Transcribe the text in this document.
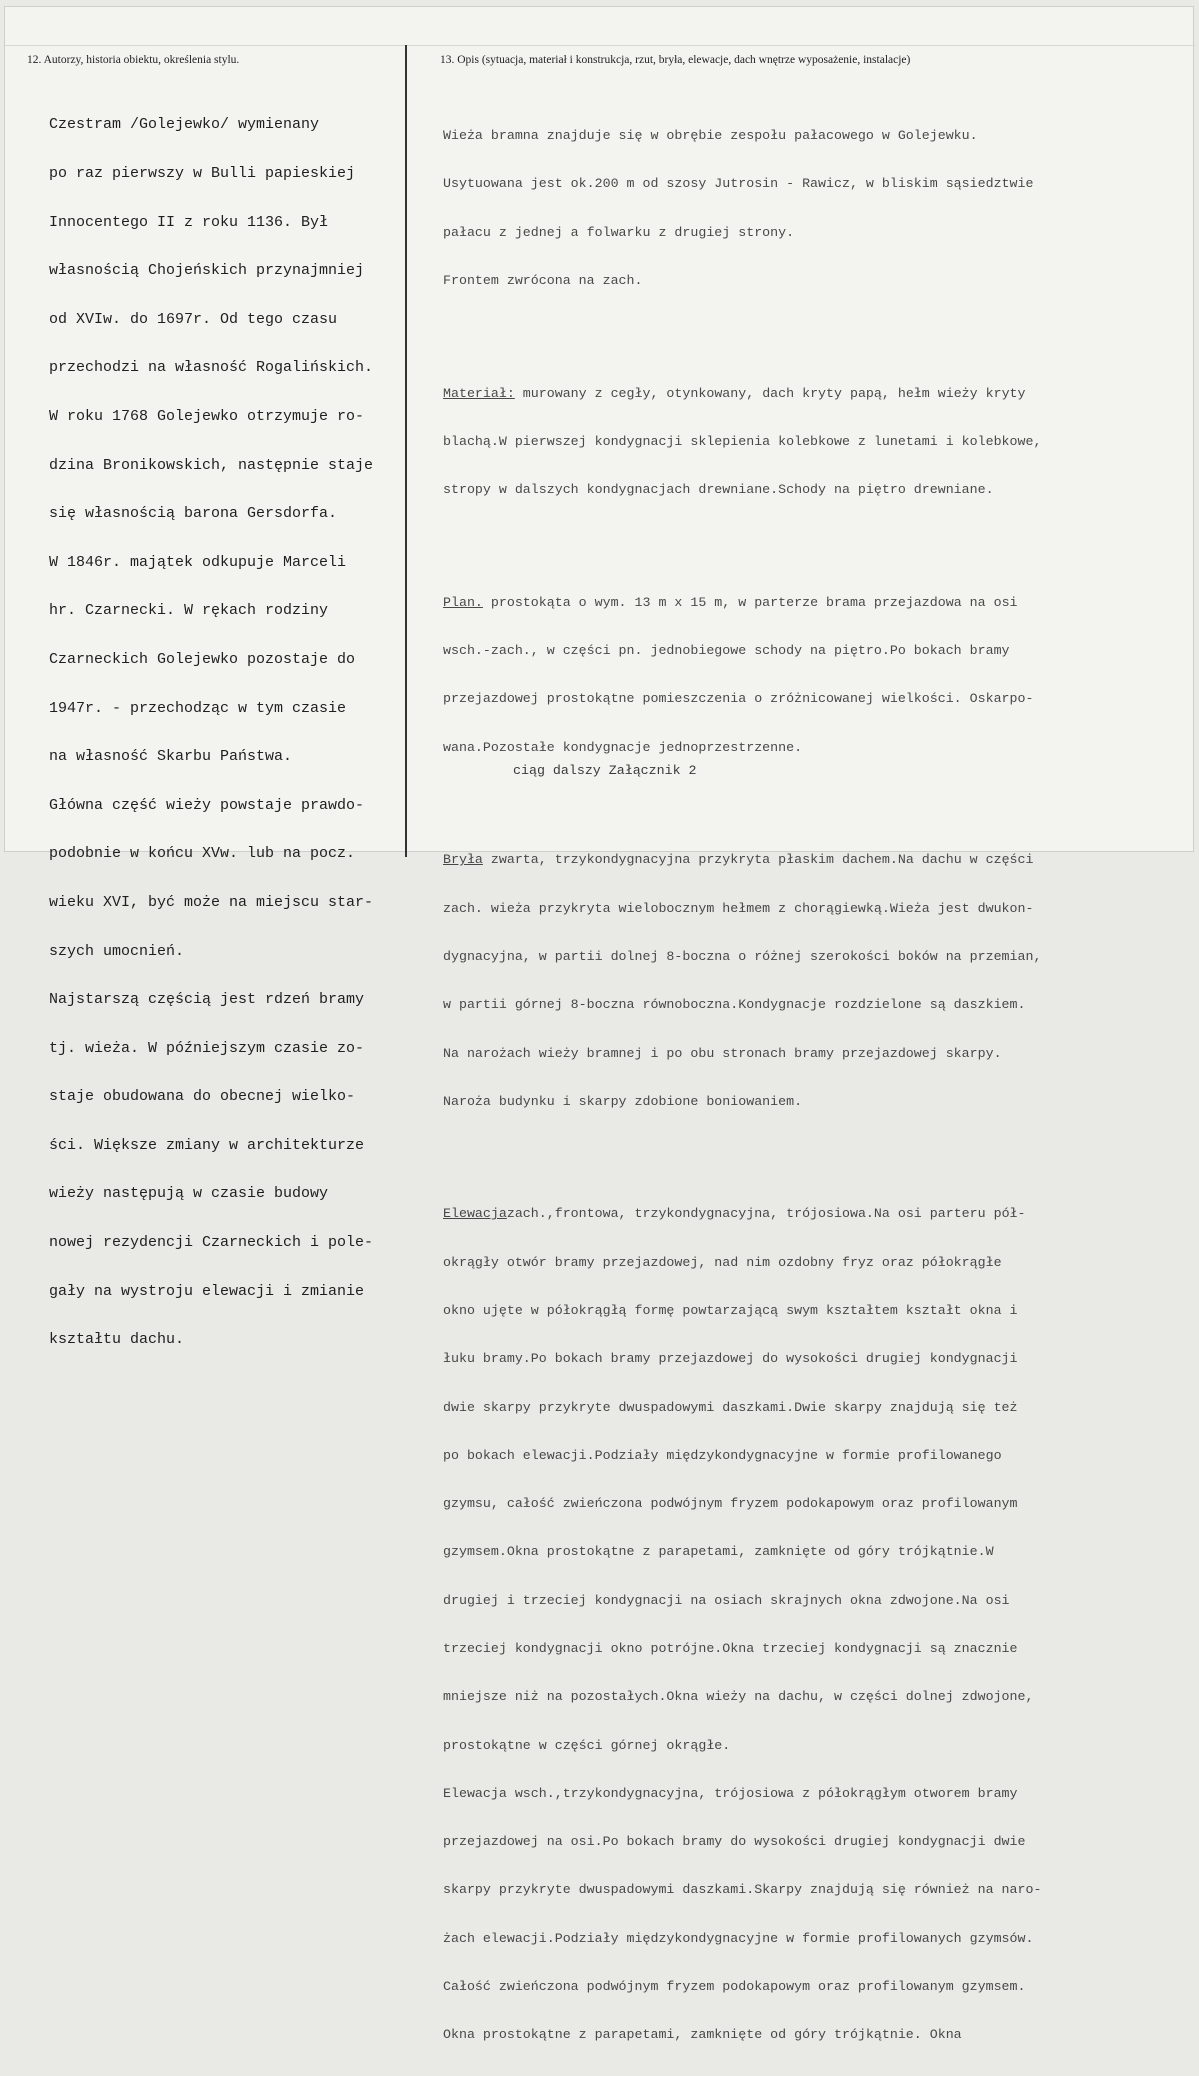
12. Autorzy, historia obiektu, określenia stylu.	13. Opis (sytuacja, materiał i konstrukcja, rzut, bryła, elewacje, dach wnętrze wyposażenie, instalacje)

Czestram /Golejewko/ wymienany

po raz pierwszy w Bulli papieskiej

Innocentego II z roku 1136. Był

własnością Chojeńskich przynajmniej

od XVIw. do 1697r. Od tego czasu

przechodzi na własność Rogalińskich.

W roku 1768 Golejewko otrzymuje ro-

dzina Bronikowskich, następnie staje

się własnością barona Gersdorfa.

W 1846r. majątek odkupuje Marceli

hr. Czarnecki. W rękach rodziny

Czarneckich Golejewko pozostaje do

1947r. - przechodząc w tym czasie

na własność Skarbu Państwa.

Główna część wieży powstaje prawdo-

podobnie w końcu XVw. lub na pocz.

wieku XVI, być może na miejscu star-

szych umocnień.

Najstarszą częścią jest rdzeń bramy

tj. wieża. W późniejszym czasie zo-

staje obudowana do obecnej wielko-

ści. Większe zmiany w architekturze

wieży następują w czasie budowy

nowej rezydencji Czarneckich i pole-

gały na wystroju elewacji i zmianie

kształtu dachu.

Wieża bramna znajduje się w obrębie zespołu pałacowego w Golejewku.

Usytuowana jest ok.200 m od szosy Jutrosin - Rawicz, w bliskim sąsiedztwie

pałacu z jednej a folwarku z drugiej strony.

Frontem zwrócona na zach.

Materiał: murowany z cegły, otynkowany, dach kryty papą, hełm wieży kryty

blachą.W pierwszej kondygnacji sklepienia kolebkowe z lunetami i kolebkowe,

stropy w dalszych kondygnacjach drewniane.Schody na piętro drewniane.

Plan. prostokąta o wym. 13 m x 15 m, w parterze brama przejazdowa na osi

wsch.-zach., w części pn. jednobiegowe schody na piętro.Po bokach bramy

przejazdowej prostokątne pomieszczenia o zróżnicowanej wielkości. Oskarpo-

wana.Pozostałe kondygnacje jednoprzestrzenne.

Bryła zwarta, trzykondygnacyjna przykryta płaskim dachem.Na dachu w części

zach. wieża przykryta wielobocznym hełmem z chorągiewką.Wieża jest dwukon-

dygnacyjna, w partii dolnej 8-boczna o różnej szerokości boków na przemian,

w partii górnej 8-boczna równoboczna.Kondygnacje rozdzielone są daszkiem.

Na narożach wieży bramnej i po obu stronach bramy przejazdowej skarpy.

Naroża budynku i skarpy zdobione boniowaniem.

Elewacjazach.,frontowa, trzykondygnacyjna, trójosiowa.Na osi parteru pół-

okrągły otwór bramy przejazdowej, nad nim ozdobny fryz oraz półokrągłe

okno ujęte w półokrągłą formę powtarzającą swym kształtem kształt okna i

łuku bramy.Po bokach bramy przejazdowej do wysokości drugiej kondygnacji

dwie skarpy przykryte dwuspadowymi daszkami.Dwie skarpy znajdują się też

po bokach elewacji.Podziały międzykondygnacyjne w formie profilowanego

gzymsu, całość zwieńczona podwójnym fryzem podokapowym oraz profilowanym

gzymsem.Okna prostokątne z parapetami, zamknięte od góry trójkątnie.W

drugiej i trzeciej kondygnacji na osiach skrajnych okna zdwojone.Na osi

trzeciej kondygnacji okno potrójne.Okna trzeciej kondygnacji są znacznie

mniejsze niż na pozostałych.Okna wieży na dachu, w części dolnej zdwojone,

prostokątne w części górnej okrągłe.

Elewacja wsch.,trzykondygnacyjna, trójosiowa z półokrągłym otworem bramy

przejazdowej na osi.Po bokach bramy do wysokości drugiej kondygnacji dwie

skarpy przykryte dwuspadowymi daszkami.Skarpy znajdują się również na naro-

żach elewacji.Podziały międzykondygnacyjne w formie profilowanych gzymsów.

Całość zwieńczona podwójnym fryzem podokapowym oraz profilowanym gzymsem.

Okna prostokątne z parapetami, zamknięte od góry trójkątnie. Okna

ciąg dalszy Załącznik 2
